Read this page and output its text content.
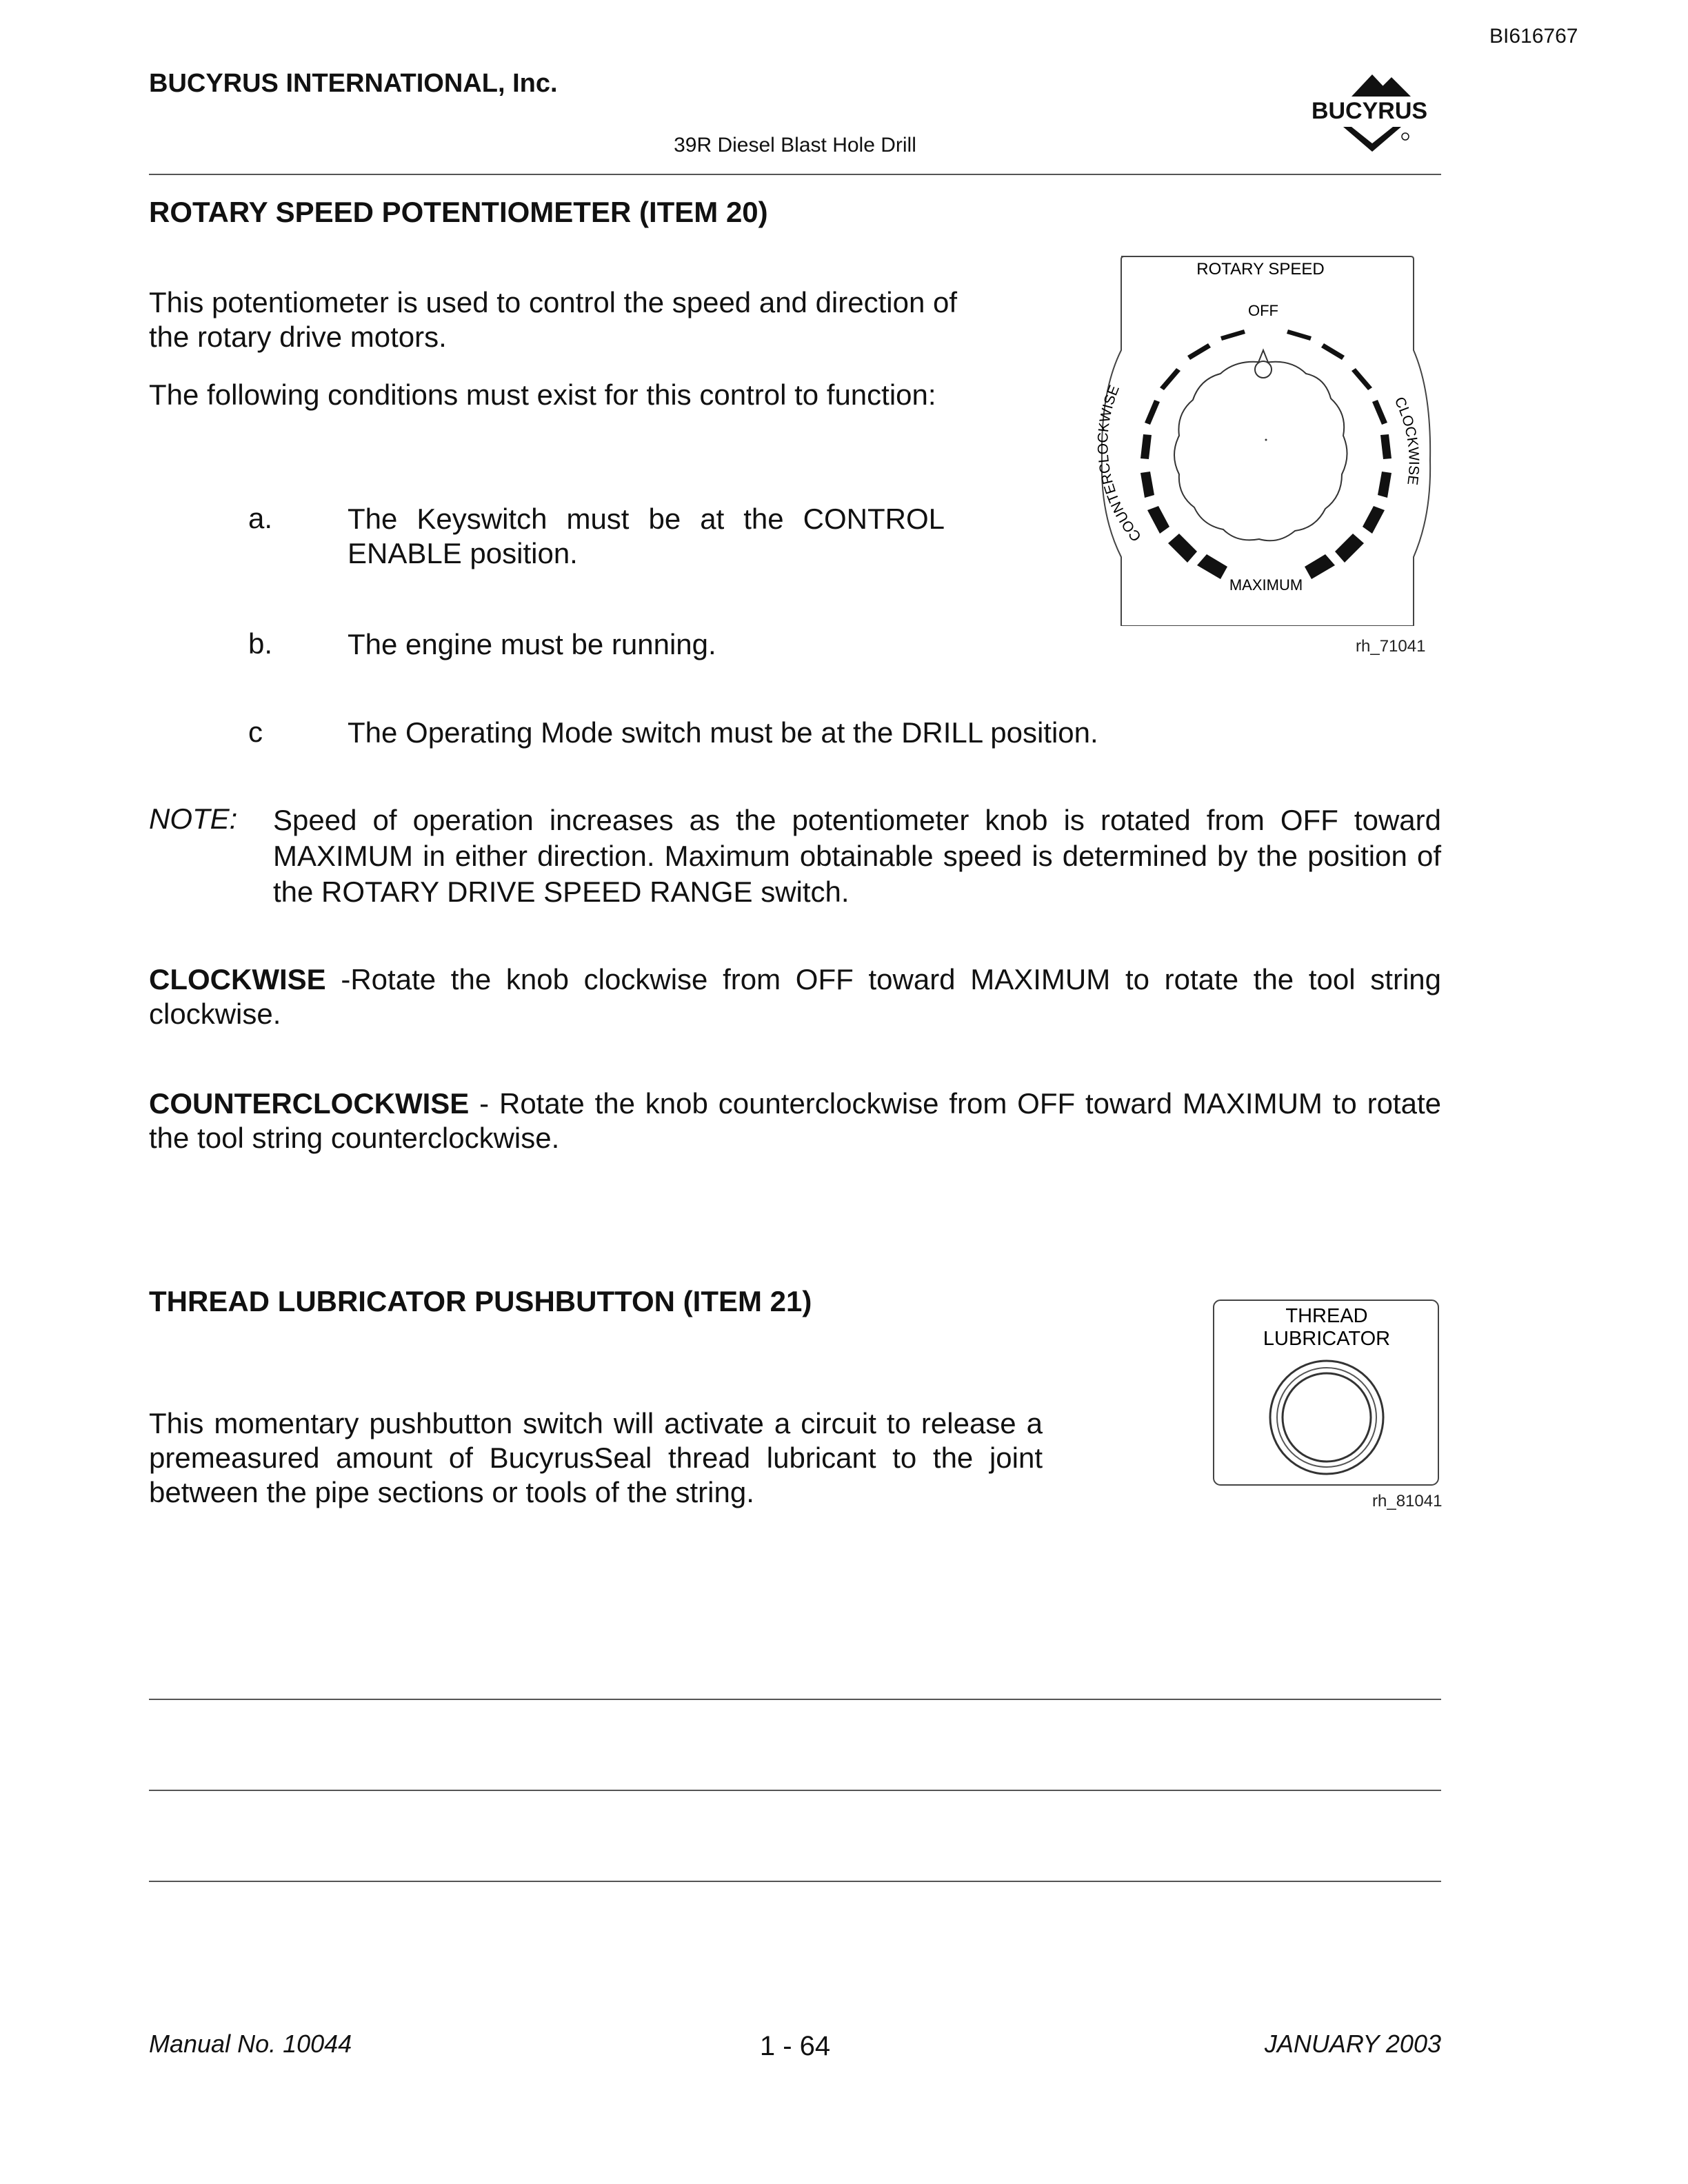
BI616767
BUCYRUS INTERNATIONAL, Inc.
39R Diesel Blast Hole Drill
BUCYRUS
ROTARY SPEED POTENTIOMETER (ITEM 20)
This potentiometer is used to control the speed and direction of the rotary drive motors.
The following conditions must exist for this control to function:
a.	The Keyswitch must be at the CONTROL ENABLE position.
b.	The engine must be running.
c	The Operating Mode switch must be at the DRILL position.
NOTE: Speed of operation increases as the potentiometer knob is rotated from OFF toward MAXIMUM in either direction. Maximum obtainable speed is determined by the position of the ROTARY DRIVE SPEED RANGE switch.
CLOCKWISE -Rotate the knob clockwise from OFF toward MAXIMUM to rotate the tool string clockwise.
COUNTERCLOCKWISE - Rotate the knob counterclockwise from OFF toward MAXIMUM to rotate the tool string counterclockwise.
ROTARY SPEED
OFF
MAXIMUM
COUNTERCLOCKWISE
CLOCKWISE
rh_71041
THREAD LUBRICATOR PUSHBUTTON (ITEM 21)
This momentary pushbutton switch will activate a circuit to release a premeasured amount of BucyrusSeal thread lubricant to the joint between the pipe sections or tools of the string.
THREAD
LUBRICATOR
rh_81041
Manual No. 10044	1 - 64	JANUARY 2003
